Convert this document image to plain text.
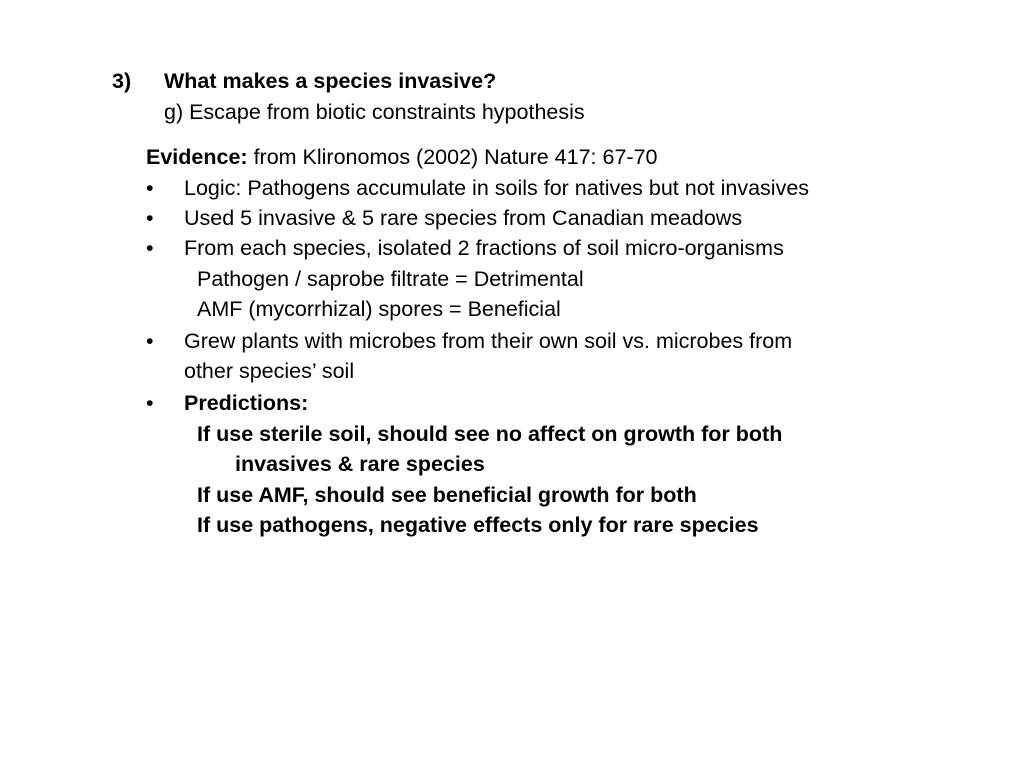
3) What makes a species invasive?
g) Escape from biotic constraints hypothesis
Evidence: from Klironomos (2002) Nature 417: 67-70
• Logic: Pathogens accumulate in soils for natives but not invasives
• Used 5 invasive & 5 rare species from Canadian meadows
• From each species, isolated 2 fractions of soil micro-organisms
Pathogen / saprobe filtrate = Detrimental
AMF (mycorrhizal) spores = Beneficial
• Grew plants with microbes from their own soil vs. microbes from
other species’ soil
• Predictions:
If use sterile soil, should see no affect on growth for both
invasives & rare species
If use AMF, should see beneficial growth for both
If use pathogens, negative effects only for rare species
